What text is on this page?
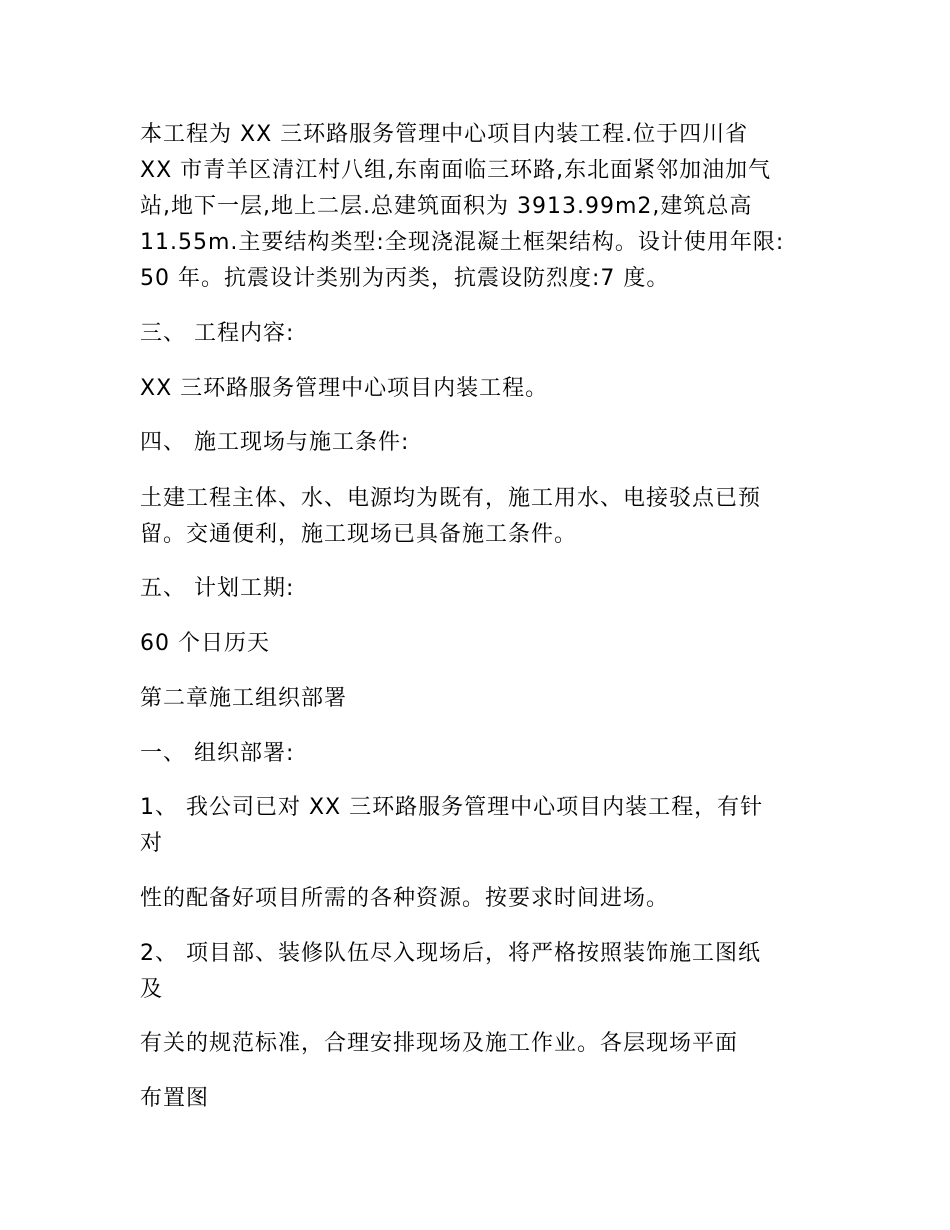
本工程为 XX 三环路服务管理中心项目内装工程.位于四川省
XX 市青羊区清江村八组,东南面临三环路,东北面紧邻加油加气
站,地下一层,地上二层.总建筑面积为 3913.99m2,建筑总高
11.55m.主要结构类型:全现浇混凝土框架结构。设计使用年限:
50 年。抗震设计类别为丙类，抗震设防烈度:7 度。
三、 工程内容:
XX 三环路服务管理中心项目内装工程。
四、 施工现场与施工条件:
土建工程主体、水、电源均为既有，施工用水、电接驳点已预
留。交通便利，施工现场已具备施工条件。
五、 计划工期:
60 个日历天
第二章施工组织部署
一、 组织部署:
1、 我公司已对 XX 三环路服务管理中心项目内装工程，有针
对
性的配备好项目所需的各种资源。按要求时间进场。
2、 项目部、装修队伍尽入现场后，将严格按照装饰施工图纸
及
有关的规范标准，合理安排现场及施工作业。各层现场平面
布置图
